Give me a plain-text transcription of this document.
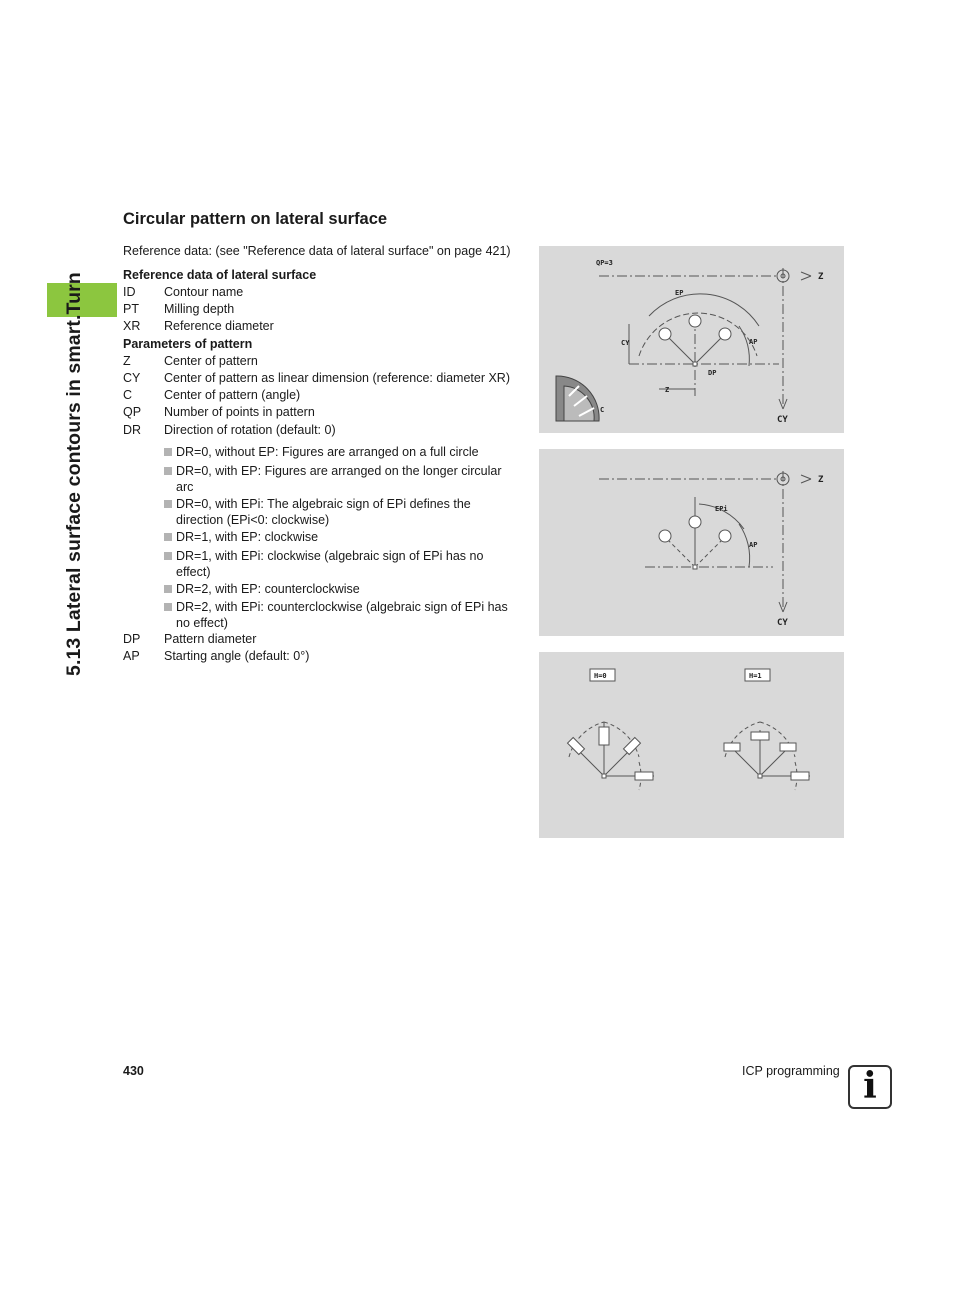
5.13 Lateral surface contours in smart.Turn
Circular pattern on lateral surface
Reference data: (see "Reference data of lateral surface" on page 421)
Reference data of lateral surface
ID Contour name
PT Milling depth
XR Reference diameter
Parameters of pattern
Z	Center of pattern
CY Center of pattern as linear dimension (reference: diameter XR)
C	Center of pattern (angle)
QP Number of points in pattern
DR Direction of rotation (default: 0)
DR=0, without EP: Figures are arranged on a full circle
DR=0, with EP: Figures are arranged on the longer circular arc
DR=0, with EPi: The algebraic sign of EPi defines the direction (EPi<0: clockwise)
DR=1, with EP: clockwise
DR=1, with EPi: clockwise (algebraic sign of EPi has no effect)
DR=2, with EP: counterclockwise
DR=2, with EPi: counterclockwise (algebraic sign of EPi has no effect)
DP Pattern diameter
AP Starting angle (default: 0°)
QP=3
EP
CY	AP
DP
Z
C
Z
CY
EPi
AP
Z
CY
H=0	H=1
430	ICP programming i
